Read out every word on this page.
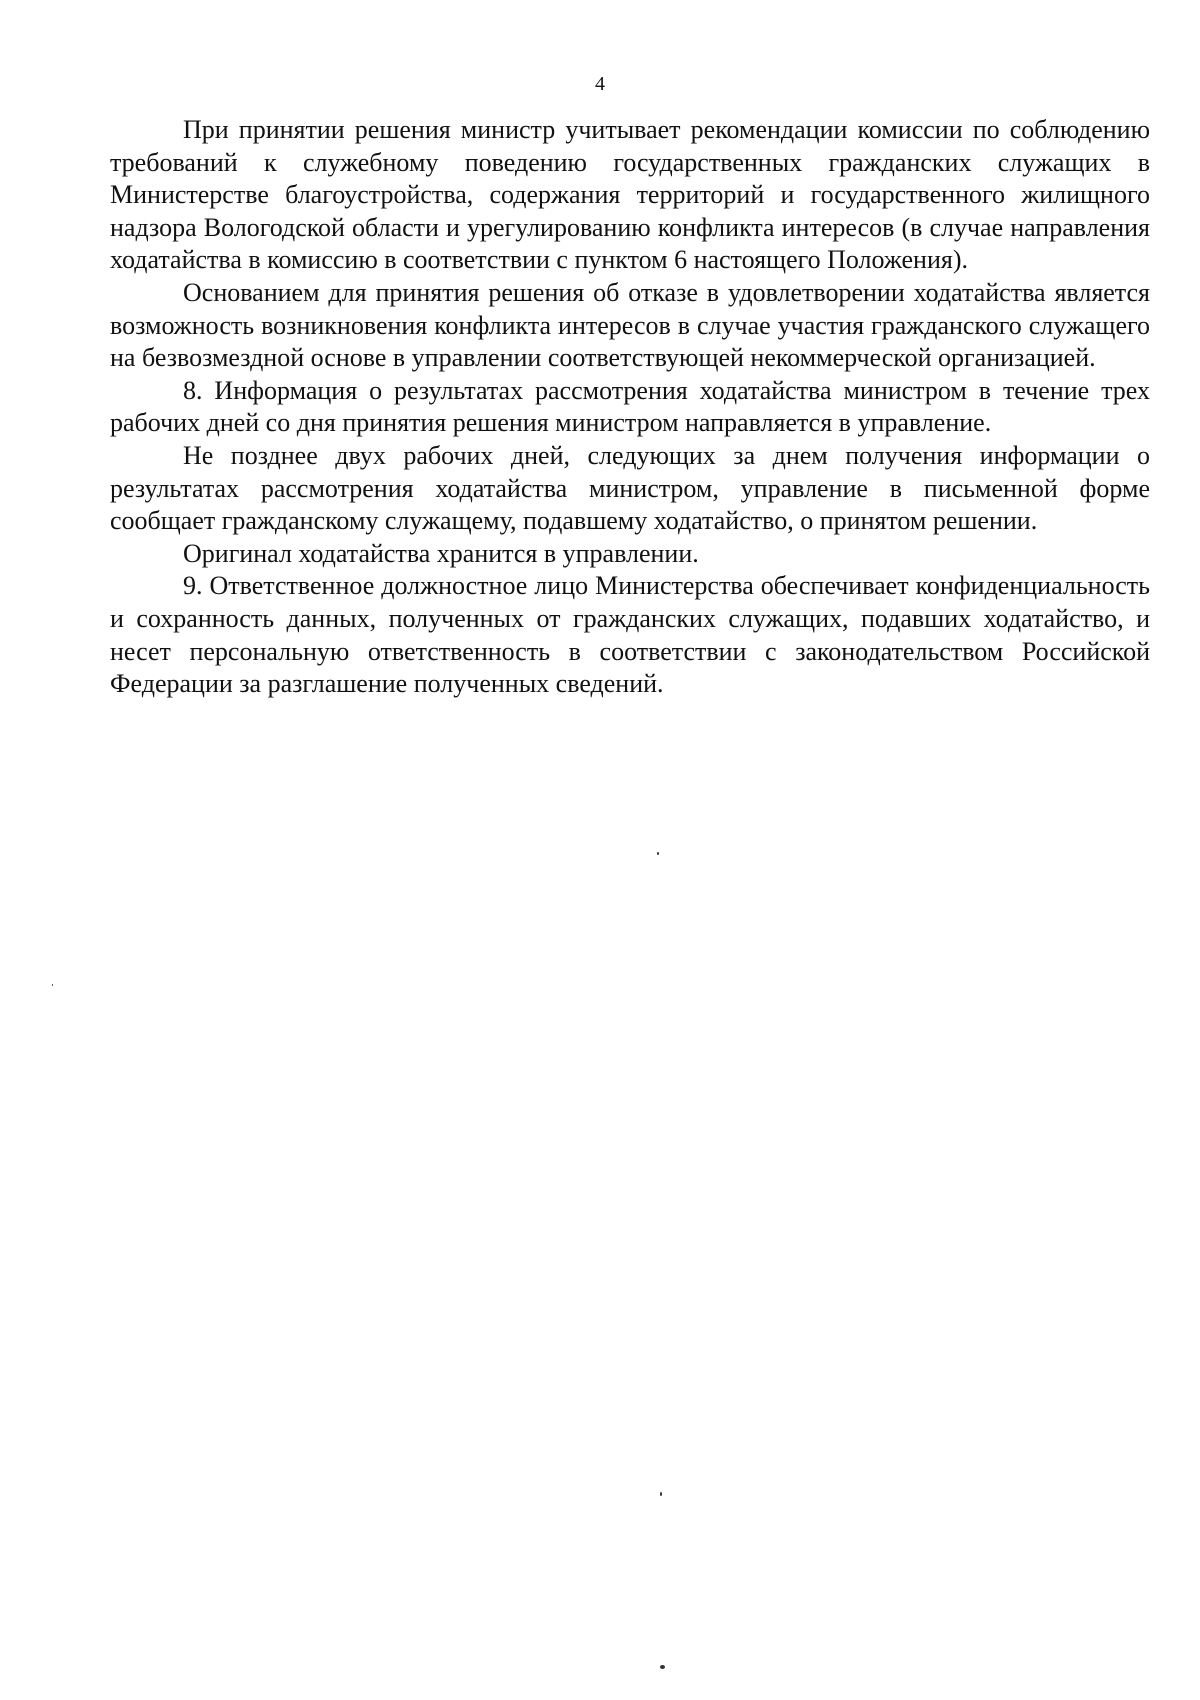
4

При принятии решения министр учитывает рекомендации комиссии по соблюдению требований к служебному поведению государственных гражданских служащих в Министерстве благоустройства, содержания территорий и государственного жилищного надзора Вологодской области и урегулированию конфликта интересов (в случае направления ходатайства в комиссию в соответствии с пунктом 6 настоящего Положения).

Основанием для принятия решения об отказе в удовлетворении ходатайства является возможность возникновения конфликта интересов в случае участия гражданского служащего на безвозмездной основе в управлении соответствующей некоммерческой организацией.

8. Информация о результатах рассмотрения ходатайства министром в течение трех рабочих дней со дня принятия решения министром направляется в управление.

Не позднее двух рабочих дней, следующих за днем получения информации о результатах рассмотрения ходатайства министром, управление в письменной форме сообщает гражданскому служащему, подавшему ходатайство, о принятом решении.

Оригинал ходатайства хранится в управлении.

9. Ответственное должностное лицо Министерства обеспечивает конфиденциальность и сохранность данных, полученных от гражданских служащих, подавших ходатайство, и несет персональную ответственность в соответствии с законодательством Российской Федерации за разглашение полученных сведений.
